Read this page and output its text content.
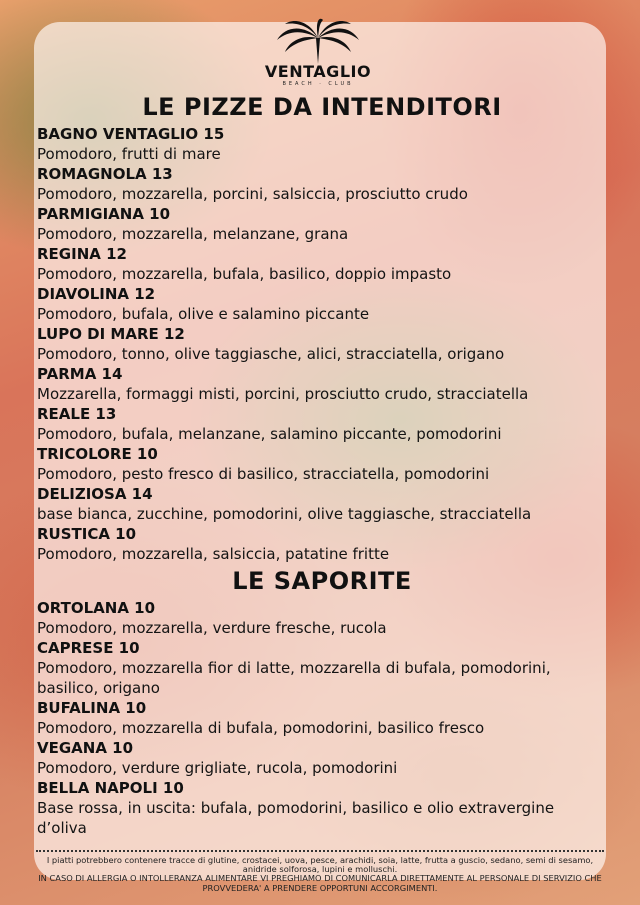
VENTAGLIO
BEACH · CLUB
LE PIZZE DA INTENDITORI
BAGNO VENTAGLIO 15
Pomodoro, frutti di mare
ROMAGNOLA 13
Pomodoro, mozzarella, porcini, salsiccia, prosciutto crudo
PARMIGIANA 10
Pomodoro, mozzarella, melanzane, grana
REGINA 12
Pomodoro, mozzarella, bufala, basilico, doppio impasto
DIAVOLINA 12
Pomodoro, bufala, olive e salamino piccante
LUPO DI MARE 12
Pomodoro, tonno, olive taggiasche, alici, stracciatella, origano
PARMA 14
Mozzarella, formaggi misti, porcini, prosciutto crudo, stracciatella
REALE 13
Pomodoro, bufala, melanzane, salamino piccante, pomodorini
TRICOLORE 10
Pomodoro, pesto fresco di basilico, stracciatella, pomodorini
DELIZIOSA 14
base bianca, zucchine, pomodorini, olive taggiasche, stracciatella
RUSTICA 10
Pomodoro, mozzarella, salsiccia, patatine fritte
LE SAPORITE
ORTOLANA 10
Pomodoro, mozzarella, verdure fresche, rucola
CAPRESE 10
Pomodoro, mozzarella fior di latte, mozzarella di bufala, pomodorini, basilico, origano
BUFALINA 10
Pomodoro, mozzarella di bufala, pomodorini, basilico fresco
VEGANA 10
Pomodoro, verdure grigliate, rucola, pomodorini
BELLA NAPOLI 10
Base rossa, in uscita: bufala, pomodorini, basilico e olio extravergine d’oliva
I piatti potrebbero contenere tracce di glutine, crostacei, uova, pesce, arachidi, soia, latte, frutta a guscio, sedano, semi di sesamo, anidride solforosa, lupini e molluschi.
IN CASO DI ALLERGIA O INTOLLERANZA ALIMENTARE VI PREGHIAMO DI COMUNICARLA DIRETTAMENTE AL PERSONALE DI SERVIZIO CHE PROVVEDERA' A PRENDERE OPPORTUNI ACCORGIMENTI.
